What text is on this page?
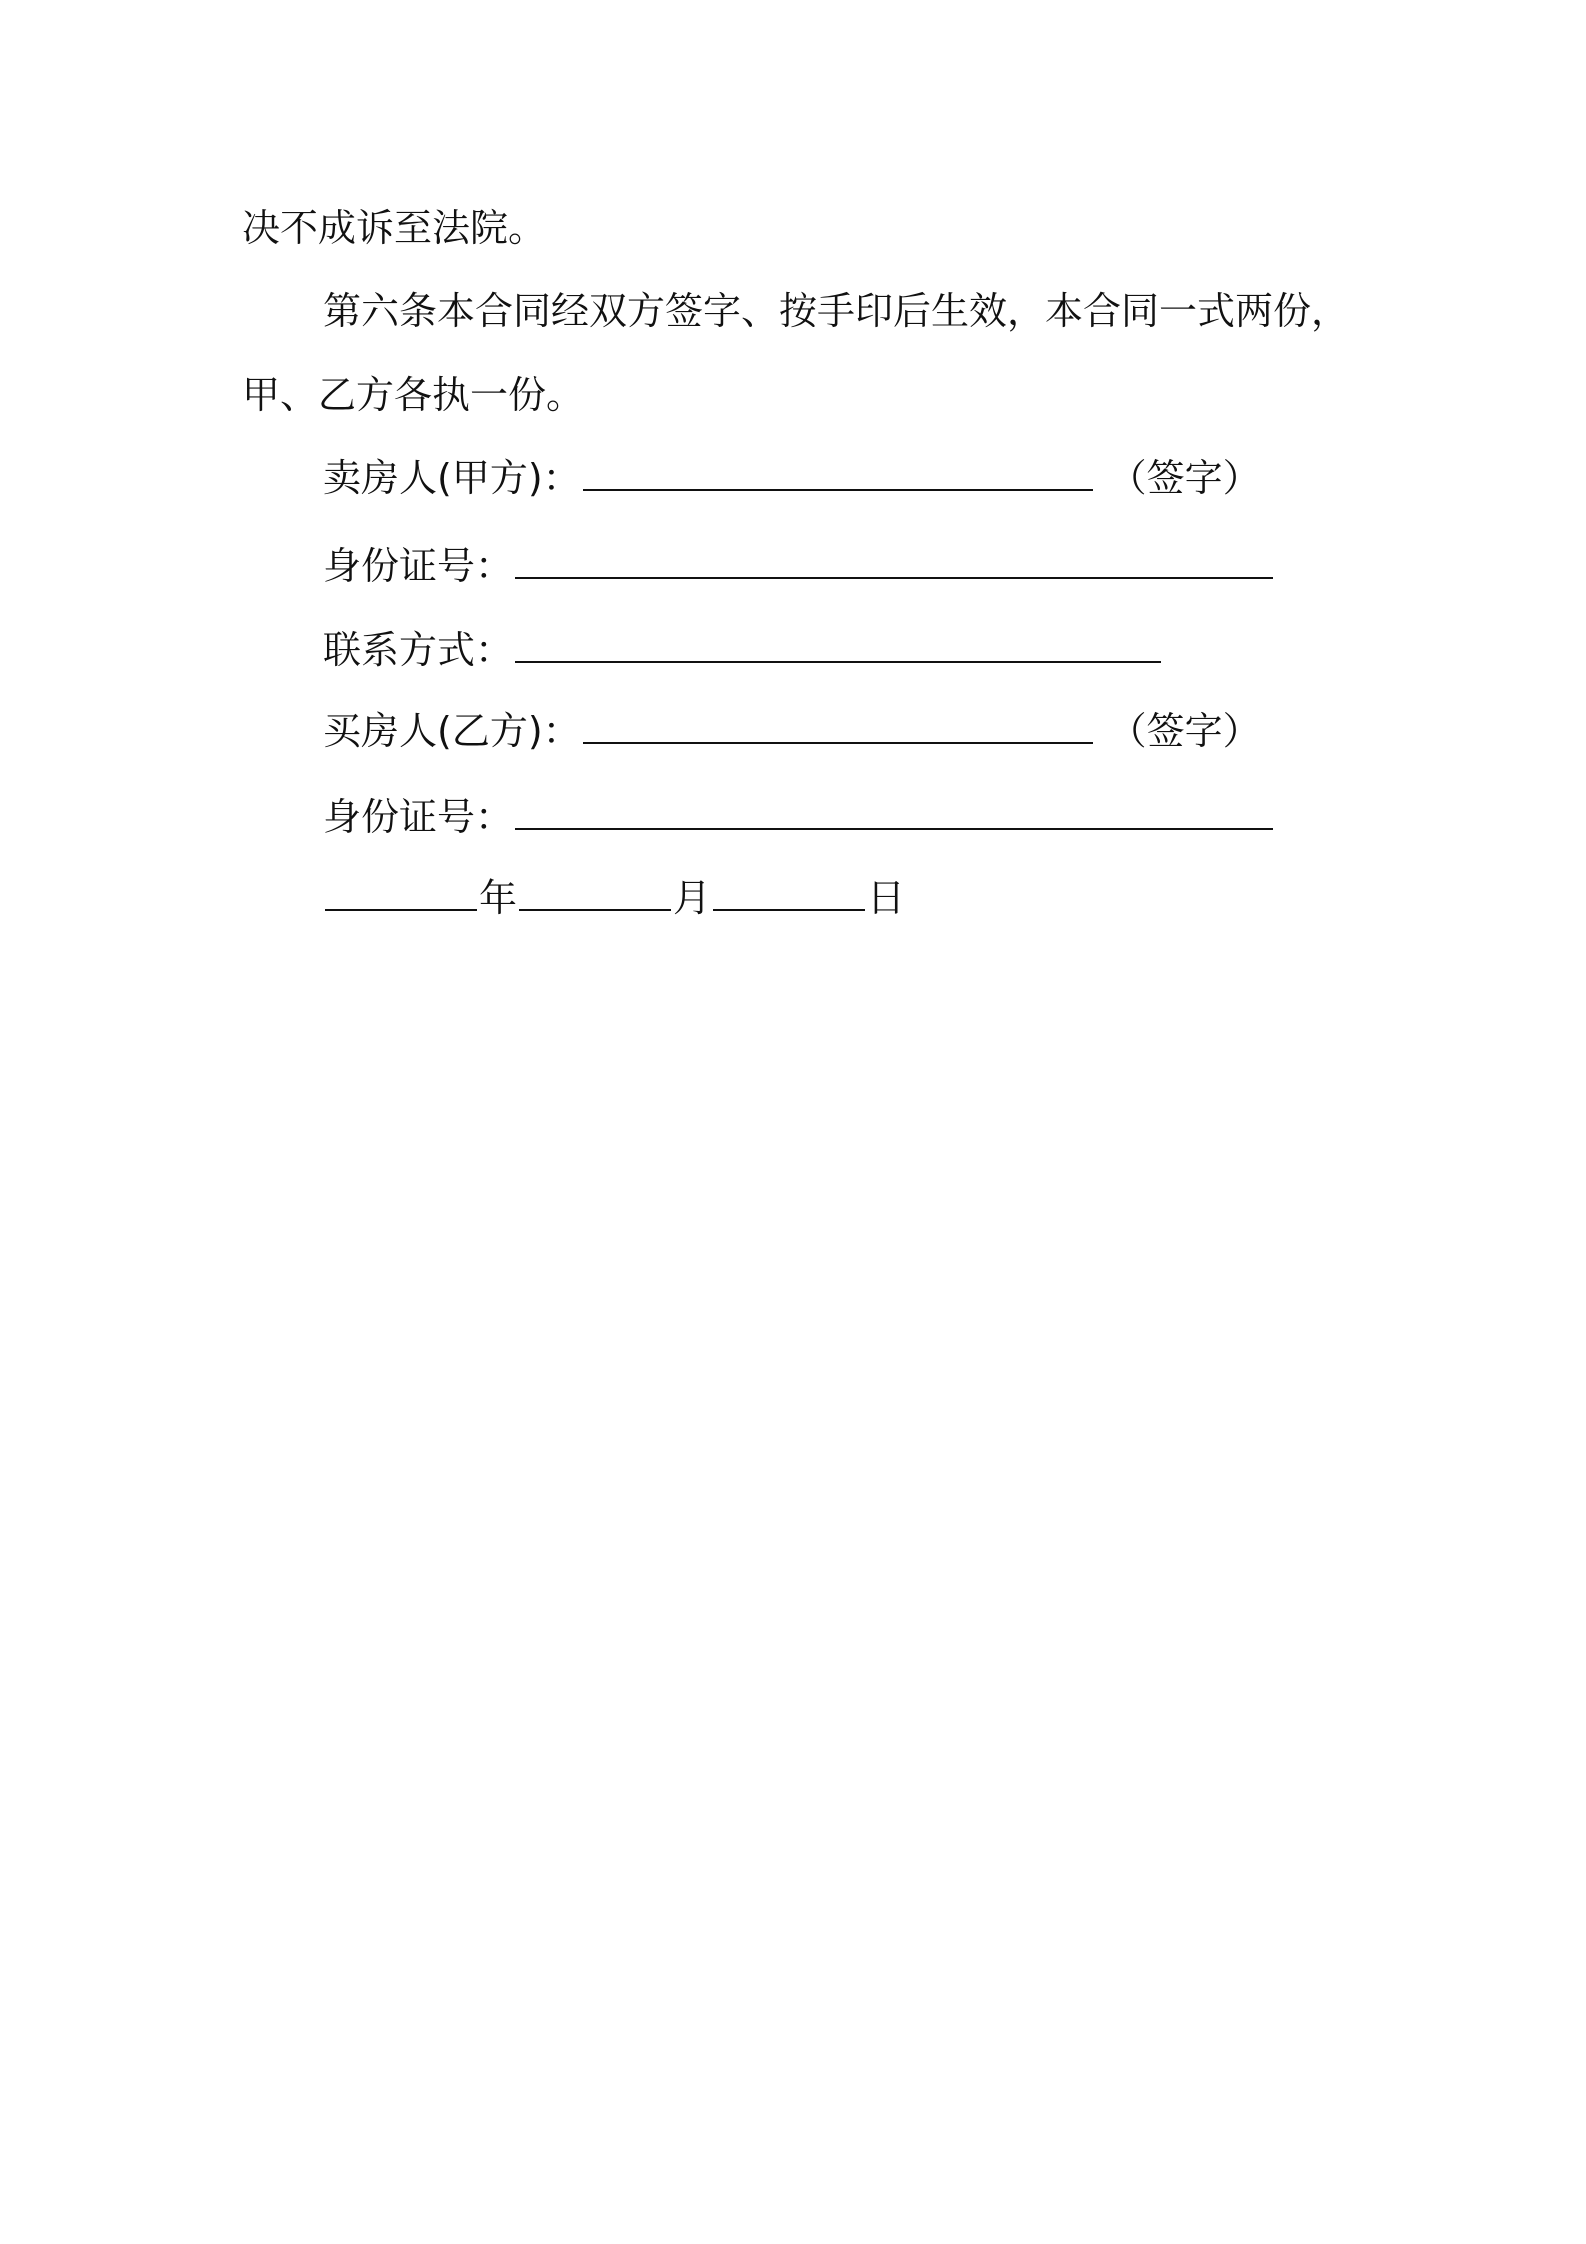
决不成诉至法院。
第六条本合同经双方签字、按手印后生效，本合同一式两份，
甲、乙方各执一份。
卖房人(甲方)：	（签字）
身份证号：
联系方式：
买房人(乙方)：	（签字）
身份证号：
年	月	日
